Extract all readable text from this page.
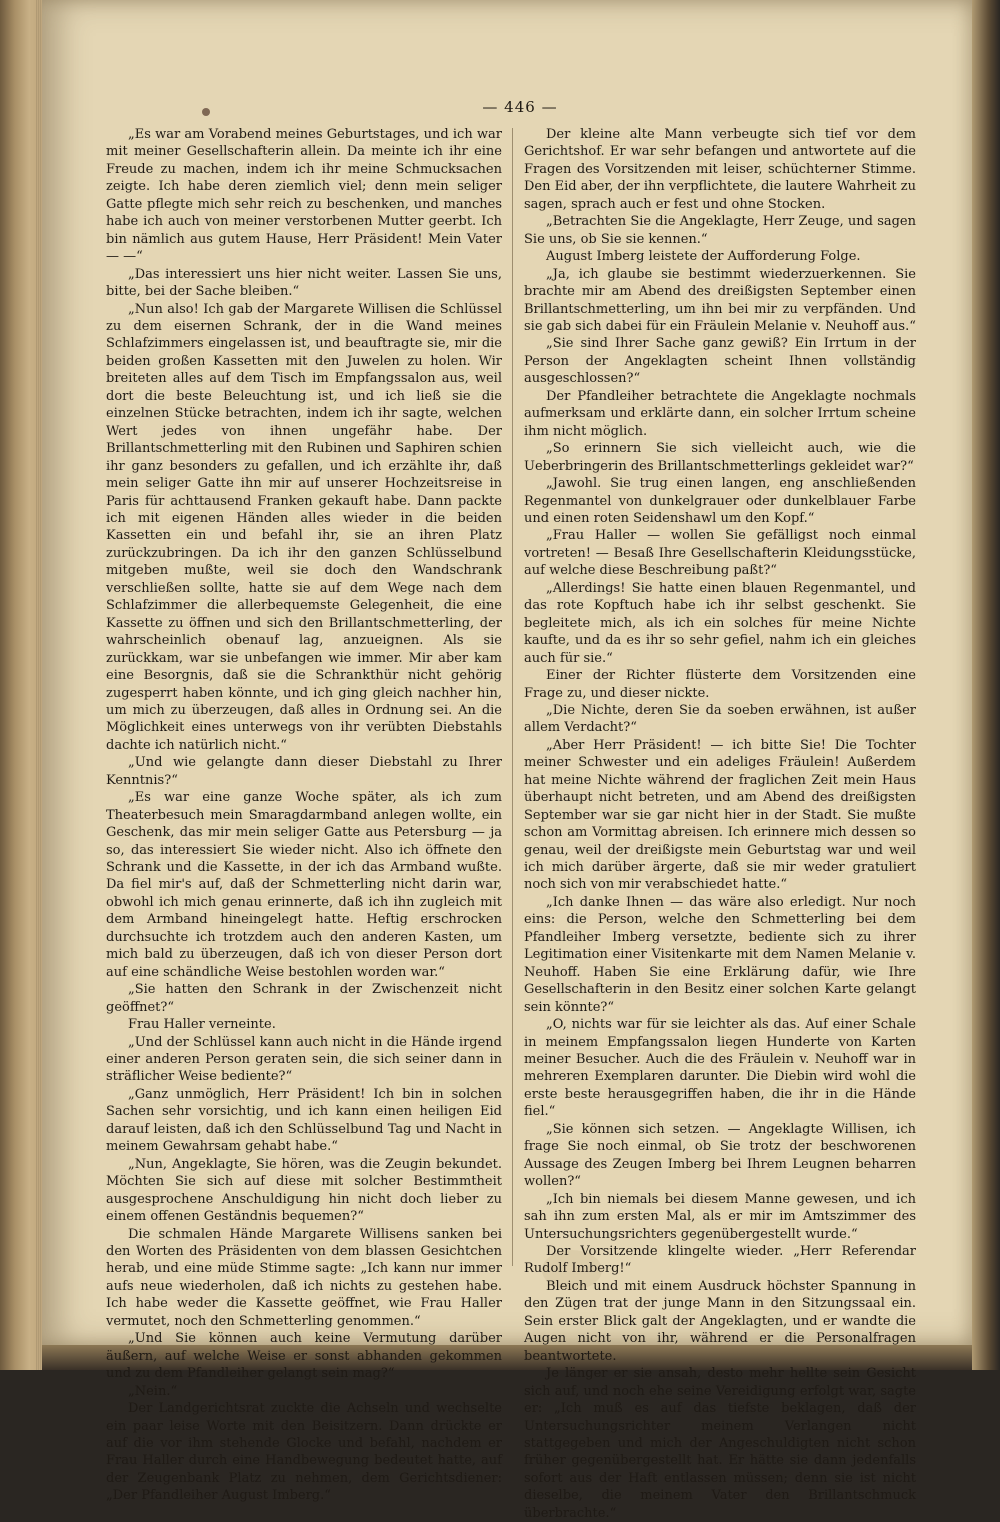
— 446 —

„Es war am Vorabend meines Geburtstages, und ich war mit meiner Gesellschafterin allein. Da meinte ich ihr eine Freude zu machen, indem ich ihr meine Schmucksachen zeigte. Ich habe deren ziemlich viel; denn mein seliger Gatte pflegte mich sehr reich zu beschenken, und manches habe ich auch von meiner verstorbenen Mutter geerbt. Ich bin nämlich aus gutem Hause, Herr Präsident! Mein Vater — —“

„Das interessiert uns hier nicht weiter. Lassen Sie uns, bitte, bei der Sache bleiben.“

„Nun also! Ich gab der Margarete Willisen die Schlüssel zu dem eisernen Schrank, der in die Wand meines Schlafzimmers eingelassen ist, und beauftragte sie, mir die beiden großen Kassetten mit den Juwelen zu holen. Wir breiteten alles auf dem Tisch im Empfangssalon aus, weil dort die beste Beleuchtung ist, und ich ließ sie die einzelnen Stücke betrachten, indem ich ihr sagte, welchen Wert jedes von ihnen ungefähr habe. Der Brillantschmetterling mit den Rubinen und Saphiren schien ihr ganz besonders zu gefallen, und ich erzählte ihr, daß mein seliger Gatte ihn mir auf unserer Hochzeitsreise in Paris für achttausend Franken gekauft habe. Dann packte ich mit eigenen Händen alles wieder in die beiden Kassetten ein und befahl ihr, sie an ihren Platz zurückzubringen. Da ich ihr den ganzen Schlüsselbund mitgeben mußte, weil sie doch den Wandschrank verschließen sollte, hatte sie auf dem Wege nach dem Schlafzimmer die allerbequemste Gelegenheit, die eine Kassette zu öffnen und sich den Brillantschmetterling, der wahrscheinlich obenauf lag, anzueignen. Als sie zurückkam, war sie unbefangen wie immer. Mir aber kam eine Besorgnis, daß sie die Schrankthür nicht gehörig zugesperrt haben könnte, und ich ging gleich nachher hin, um mich zu überzeugen, daß alles in Ordnung sei. An die Möglichkeit eines unterwegs von ihr verübten Diebstahls dachte ich natürlich nicht.“

„Und wie gelangte dann dieser Diebstahl zu Ihrer Kenntnis?“

„Es war eine ganze Woche später, als ich zum Theaterbesuch mein Smaragdarmband anlegen wollte, ein Geschenk, das mir mein seliger Gatte aus Petersburg — ja so, das interessiert Sie wieder nicht. Also ich öffnete den Schrank und die Kassette, in der ich das Armband wußte. Da fiel mir's auf, daß der Schmetterling nicht darin war, obwohl ich mich genau erinnerte, daß ich ihn zugleich mit dem Armband hineingelegt hatte. Heftig erschrocken durchsuchte ich trotzdem auch den anderen Kasten, um mich bald zu überzeugen, daß ich von dieser Person dort auf eine schändliche Weise bestohlen worden war.“

„Sie hatten den Schrank in der Zwischenzeit nicht geöffnet?“

Frau Haller verneinte.

„Und der Schlüssel kann auch nicht in die Hände irgend einer anderen Person geraten sein, die sich seiner dann in sträflicher Weise bediente?“

„Ganz unmöglich, Herr Präsident! Ich bin in solchen Sachen sehr vorsichtig, und ich kann einen heiligen Eid darauf leisten, daß ich den Schlüsselbund Tag und Nacht in meinem Gewahrsam gehabt habe.“

„Nun, Angeklagte, Sie hören, was die Zeugin bekundet. Möchten Sie sich auf diese mit solcher Bestimmtheit ausgesprochene Anschuldigung hin nicht doch lieber zu einem offenen Geständnis bequemen?“

Die schmalen Hände Margarete Willisens sanken bei den Worten des Präsidenten von dem blassen Gesichtchen herab, und eine müde Stimme sagte: „Ich kann nur immer aufs neue wiederholen, daß ich nichts zu gestehen habe. Ich habe weder die Kassette geöffnet, wie Frau Haller vermutet, noch den Schmetterling genommen.“

„Und Sie können auch keine Vermutung darüber äußern, auf welche Weise er sonst abhanden gekommen und zu dem Pfandleiher gelangt sein mag?“

„Nein.“

Der Landgerichtsrat zuckte die Achseln und wechselte ein paar leise Worte mit den Beisitzern. Dann drückte er auf die vor ihm stehende Glocke und befahl, nachdem er Frau Haller durch eine Handbewegung bedeutet hatte, auf der Zeugenbank Platz zu nehmen, dem Gerichtsdiener: „Der Pfandleiher August Imberg.“

Der kleine alte Mann verbeugte sich tief vor dem Gerichtshof. Er war sehr befangen und antwortete auf die Fragen des Vorsitzenden mit leiser, schüchterner Stimme. Den Eid aber, der ihn verpflichtete, die lautere Wahrheit zu sagen, sprach auch er fest und ohne Stocken.

„Betrachten Sie die Angeklagte, Herr Zeuge, und sagen Sie uns, ob Sie sie kennen.“

August Imberg leistete der Aufforderung Folge.

„Ja, ich glaube sie bestimmt wiederzuerkennen. Sie brachte mir am Abend des dreißigsten September einen Brillantschmetterling, um ihn bei mir zu verpfänden. Und sie gab sich dabei für ein Fräulein Melanie v. Neuhoff aus.“

„Sie sind Ihrer Sache ganz gewiß? Ein Irrtum in der Person der Angeklagten scheint Ihnen vollständig ausgeschlossen?“

Der Pfandleiher betrachtete die Angeklagte nochmals aufmerksam und erklärte dann, ein solcher Irrtum scheine ihm nicht möglich.

„So erinnern Sie sich vielleicht auch, wie die Ueberbringerin des Brillantschmetterlings gekleidet war?“

„Jawohl. Sie trug einen langen, eng anschließenden Regenmantel von dunkelgrauer oder dunkelblauer Farbe und einen roten Seidenshawl um den Kopf.“

„Frau Haller — wollen Sie gefälligst noch einmal vortreten! — Besaß Ihre Gesellschafterin Kleidungsstücke, auf welche diese Beschreibung paßt?“

„Allerdings! Sie hatte einen blauen Regenmantel, und das rote Kopftuch habe ich ihr selbst geschenkt. Sie begleitete mich, als ich ein solches für meine Nichte kaufte, und da es ihr so sehr gefiel, nahm ich ein gleiches auch für sie.“

Einer der Richter flüsterte dem Vorsitzenden eine Frage zu, und dieser nickte.

„Die Nichte, deren Sie da soeben erwähnen, ist außer allem Verdacht?“

„Aber Herr Präsident! — ich bitte Sie! Die Tochter meiner Schwester und ein adeliges Fräulein! Außerdem hat meine Nichte während der fraglichen Zeit mein Haus überhaupt nicht betreten, und am Abend des dreißigsten September war sie gar nicht hier in der Stadt. Sie mußte schon am Vormittag abreisen. Ich erinnere mich dessen so genau, weil der dreißigste mein Geburtstag war und weil ich mich darüber ärgerte, daß sie mir weder gratuliert noch sich von mir verabschiedet hatte.“

„Ich danke Ihnen — das wäre also erledigt. Nur noch eins: die Person, welche den Schmetterling bei dem Pfandleiher Imberg versetzte, bediente sich zu ihrer Legitimation einer Visitenkarte mit dem Namen Melanie v. Neuhoff. Haben Sie eine Erklärung dafür, wie Ihre Gesellschafterin in den Besitz einer solchen Karte gelangt sein könnte?“

„O, nichts war für sie leichter als das. Auf einer Schale in meinem Empfangssalon liegen Hunderte von Karten meiner Besucher. Auch die des Fräulein v. Neuhoff war in mehreren Exemplaren darunter. Die Diebin wird wohl die erste beste herausgegriffen haben, die ihr in die Hände fiel.“

„Sie können sich setzen. — Angeklagte Willisen, ich frage Sie noch einmal, ob Sie trotz der beschworenen Aussage des Zeugen Imberg bei Ihrem Leugnen beharren wollen?“

„Ich bin niemals bei diesem Manne gewesen, und ich sah ihn zum ersten Mal, als er mir im Amtszimmer des Untersuchungsrichters gegenübergestellt wurde.“

Der Vorsitzende klingelte wieder. „Herr Referendar Rudolf Imberg!“

Bleich und mit einem Ausdruck höchster Spannung in den Zügen trat der junge Mann in den Sitzungssaal ein. Sein erster Blick galt der Angeklagten, und er wandte die Augen nicht von ihr, während er die Personalfragen beantwortete.

Je länger er sie ansah, desto mehr hellte sein Gesicht sich auf, und noch ehe seine Vereidigung erfolgt war, sagte er: „Ich muß es auf das tiefste beklagen, daß der Untersuchungsrichter meinem Verlangen nicht stattgegeben und mich der Angeschuldigten nicht schon früher gegenübergestellt hat. Er hätte sie dann jedenfalls sofort aus der Haft entlassen müssen; denn sie ist nicht dieselbe, die meinem Vater den Brillantschmuck überbrachte.“
